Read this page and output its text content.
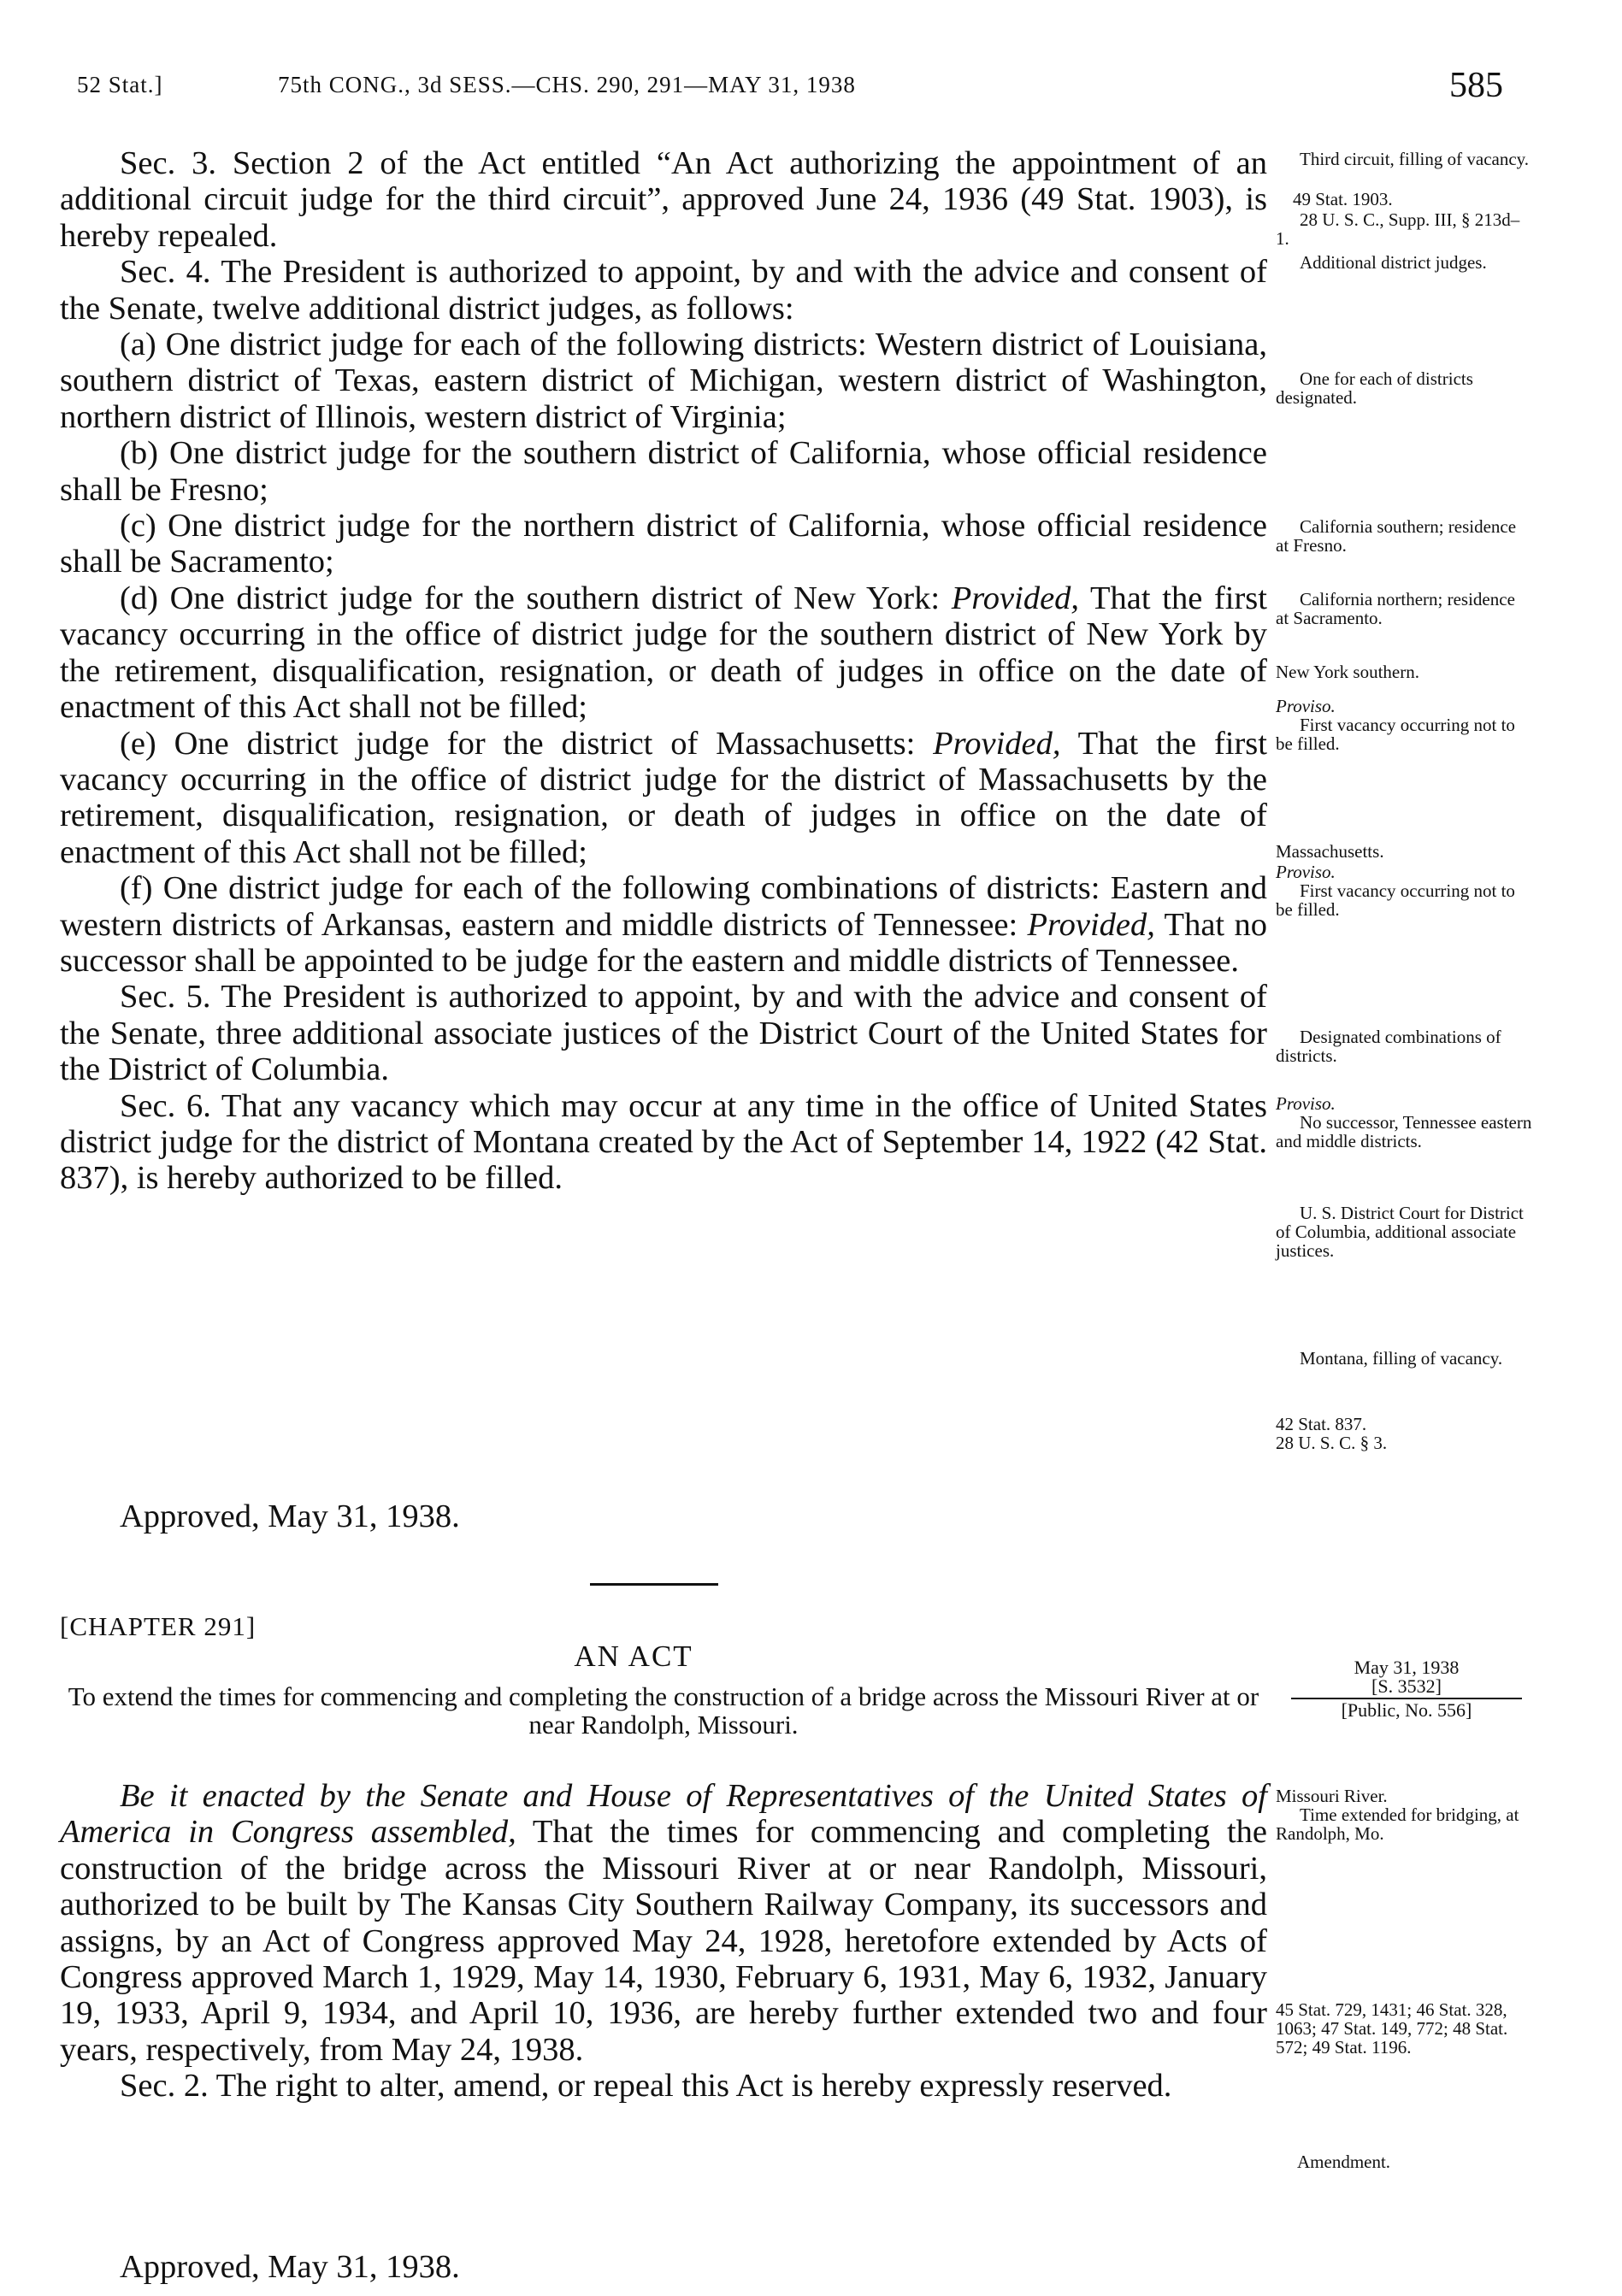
52 Stat.]	75th CONG., 3d SESS.—CHS. 290, 291—MAY 31, 1938	585

Sec. 3. Section 2 of the Act entitled “An Act authorizing the appointment of an additional circuit judge for the third circuit”, approved June 24, 1936 (49 Stat. 1903), is hereby repealed.

Sec. 4. The President is authorized to appoint, by and with the advice and consent of the Senate, twelve additional district judges, as follows:

(a) One district judge for each of the following districts: Western district of Louisiana, southern district of Texas, eastern district of Michigan, western district of Washington, northern district of Illinois, western district of Virginia;

(b) One district judge for the southern district of California, whose official residence shall be Fresno;

(c) One district judge for the northern district of California, whose official residence shall be Sacramento;

(d) One district judge for the southern district of New York: Provided, That the first vacancy occurring in the office of district judge for the southern district of New York by the retirement, disqualification, resignation, or death of judges in office on the date of enactment of this Act shall not be filled;

(e) One district judge for the district of Massachusetts: Provided, That the first vacancy occurring in the office of district judge for the district of Massachusetts by the retirement, disqualification, resignation, or death of judges in office on the date of enactment of this Act shall not be filled;

(f) One district judge for each of the following combinations of districts: Eastern and western districts of Arkansas, eastern and middle districts of Tennessee: Provided, That no successor shall be appointed to be judge for the eastern and middle districts of Tennessee.

Sec. 5. The President is authorized to appoint, by and with the advice and consent of the Senate, three additional associate justices of the District Court of the United States for the District of Columbia.

Sec. 6. That any vacancy which may occur at any time in the office of United States district judge for the district of Montana created by the Act of September 14, 1922 (42 Stat. 837), is hereby authorized to be filled.

Approved, May 31, 1938.
[CHAPTER 291]
AN ACT
To extend the times for commencing and completing the construction of a bridge across the Missouri River at or near Randolph, Missouri.
May 31, 1938
[S. 3532]
[Public, No. 556]

Be it enacted by the Senate and House of Representatives of the United States of America in Congress assembled, That the times for commencing and completing the construction of the bridge across the Missouri River at or near Randolph, Missouri, authorized to be built by The Kansas City Southern Railway Company, its successors and assigns, by an Act of Congress approved May 24, 1928, heretofore extended by Acts of Congress approved March 1, 1929, May 14, 1930, February 6, 1931, May 6, 1932, January 19, 1933, April 9, 1934, and April 10, 1936, are hereby further extended two and four years, respectively, from May 24, 1938.

Sec. 2. The right to alter, amend, or repeal this Act is hereby expressly reserved.

Approved, May 31, 1938.
Third circuit, filling of vacancy.
49 Stat. 1903.
28 U. S. C., Supp. III, § 213d–1.
Additional district judges.
One for each of districts designated.
California southern; residence at Fresno.
California northern; residence at Sacramento.
New York southern.
Proviso.
First vacancy occurring not to be filled.
Massachusetts.
Proviso.
First vacancy occurring not to be filled.
Designated combinations of districts.
Proviso.
No successor, Tennessee eastern and middle districts.
U. S. District Court for District of Columbia, additional associate justices.
Montana, filling of vacancy.
42 Stat. 837.
28 U. S. C. § 3.
Missouri River.
Time extended for bridging, at Randolph, Mo.
45 Stat. 729, 1431; 46 Stat. 328, 1063; 47 Stat. 149, 772; 48 Stat. 572; 49 Stat. 1196.
Amendment.
